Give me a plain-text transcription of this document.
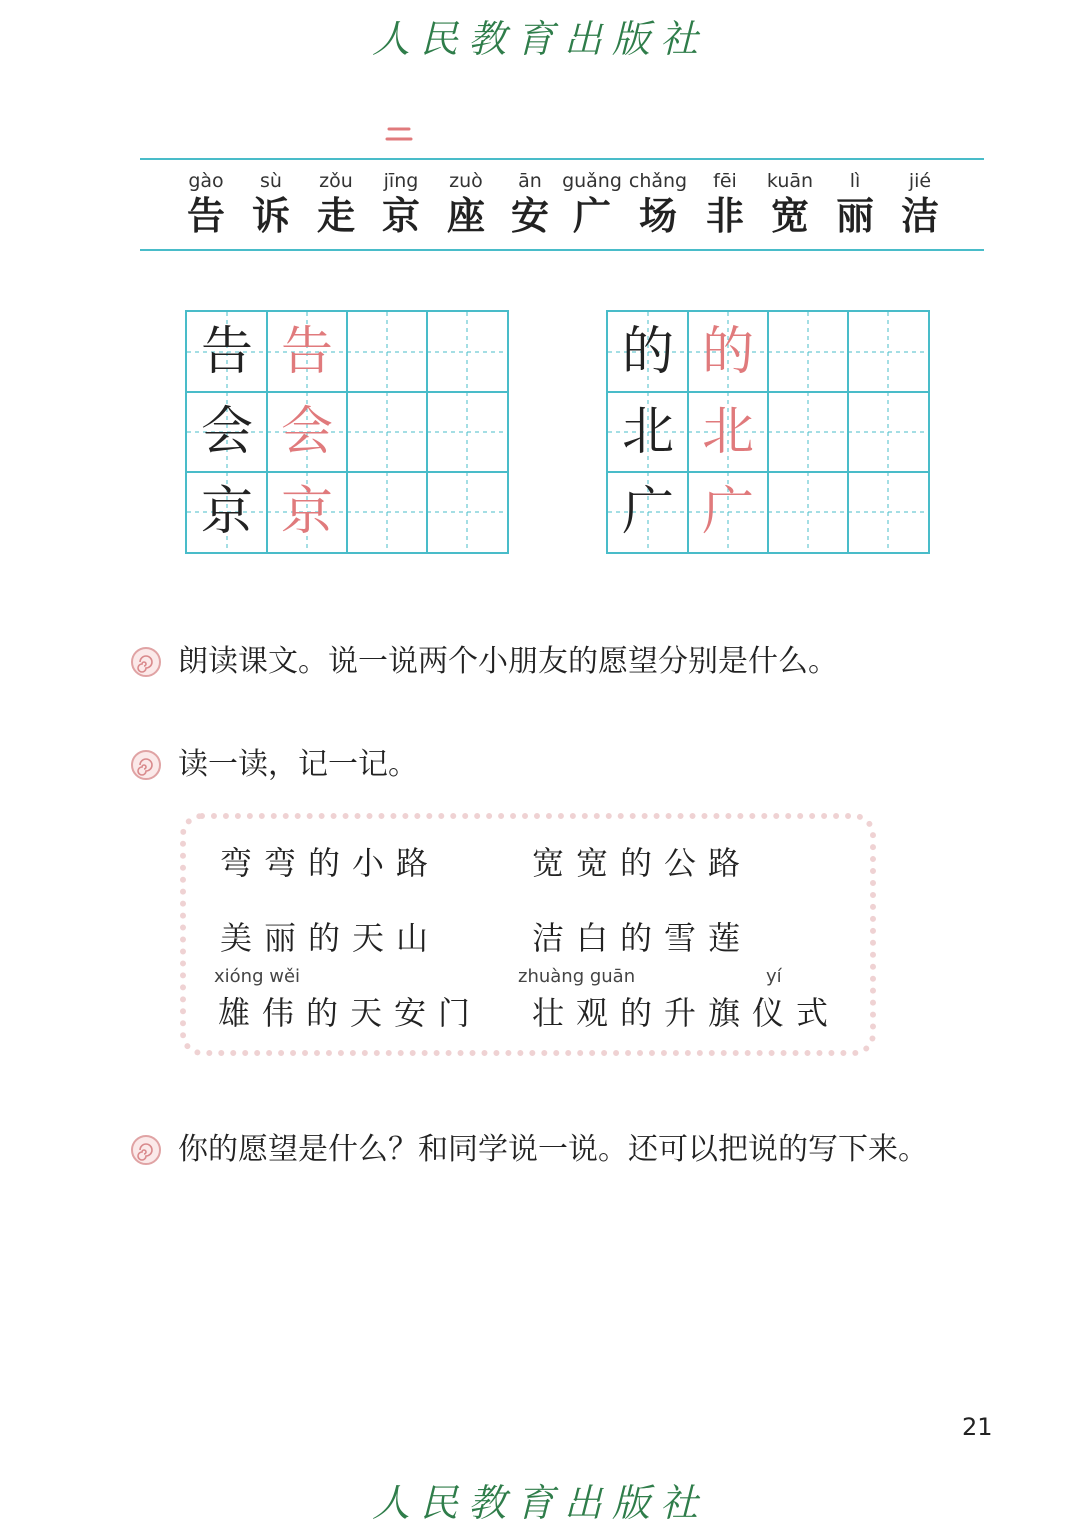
人民教育出版社
gào
告
sù
诉
zǒu
走
jīng
京
zuò
座
ān
安
guǎng
广
chǎng
场
fēi
非
kuān
宽
lì
丽
jié
洁
告 告
会 会
京 京
的 的
北 北
广 广
朗读课文。说一说两个小朋友的愿望分别是什么。
读一读，记一记。
弯弯的小路	宽宽的公路
美丽的天山	洁白的雪莲
xióng wěi	zhuàng guān	yí
雄伟的天安门 壮观的升旗仪式
你的愿望是什么？和同学说一说。还可以把说的写下来。
21
人民教育出版社
